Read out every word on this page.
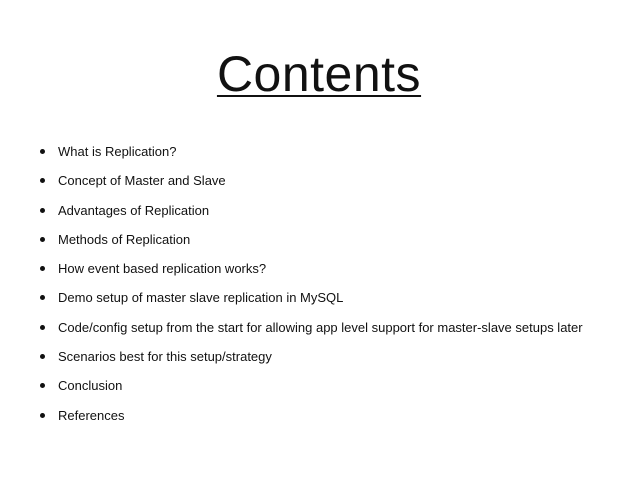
Contents
What is Replication?
Concept of Master and Slave
Advantages of Replication
Methods of Replication
How event based replication works?
Demo setup of master slave replication in MySQL
Code/config setup from the start for allowing app level support for master-slave setups later
Scenarios best for this setup/strategy
Conclusion
References
